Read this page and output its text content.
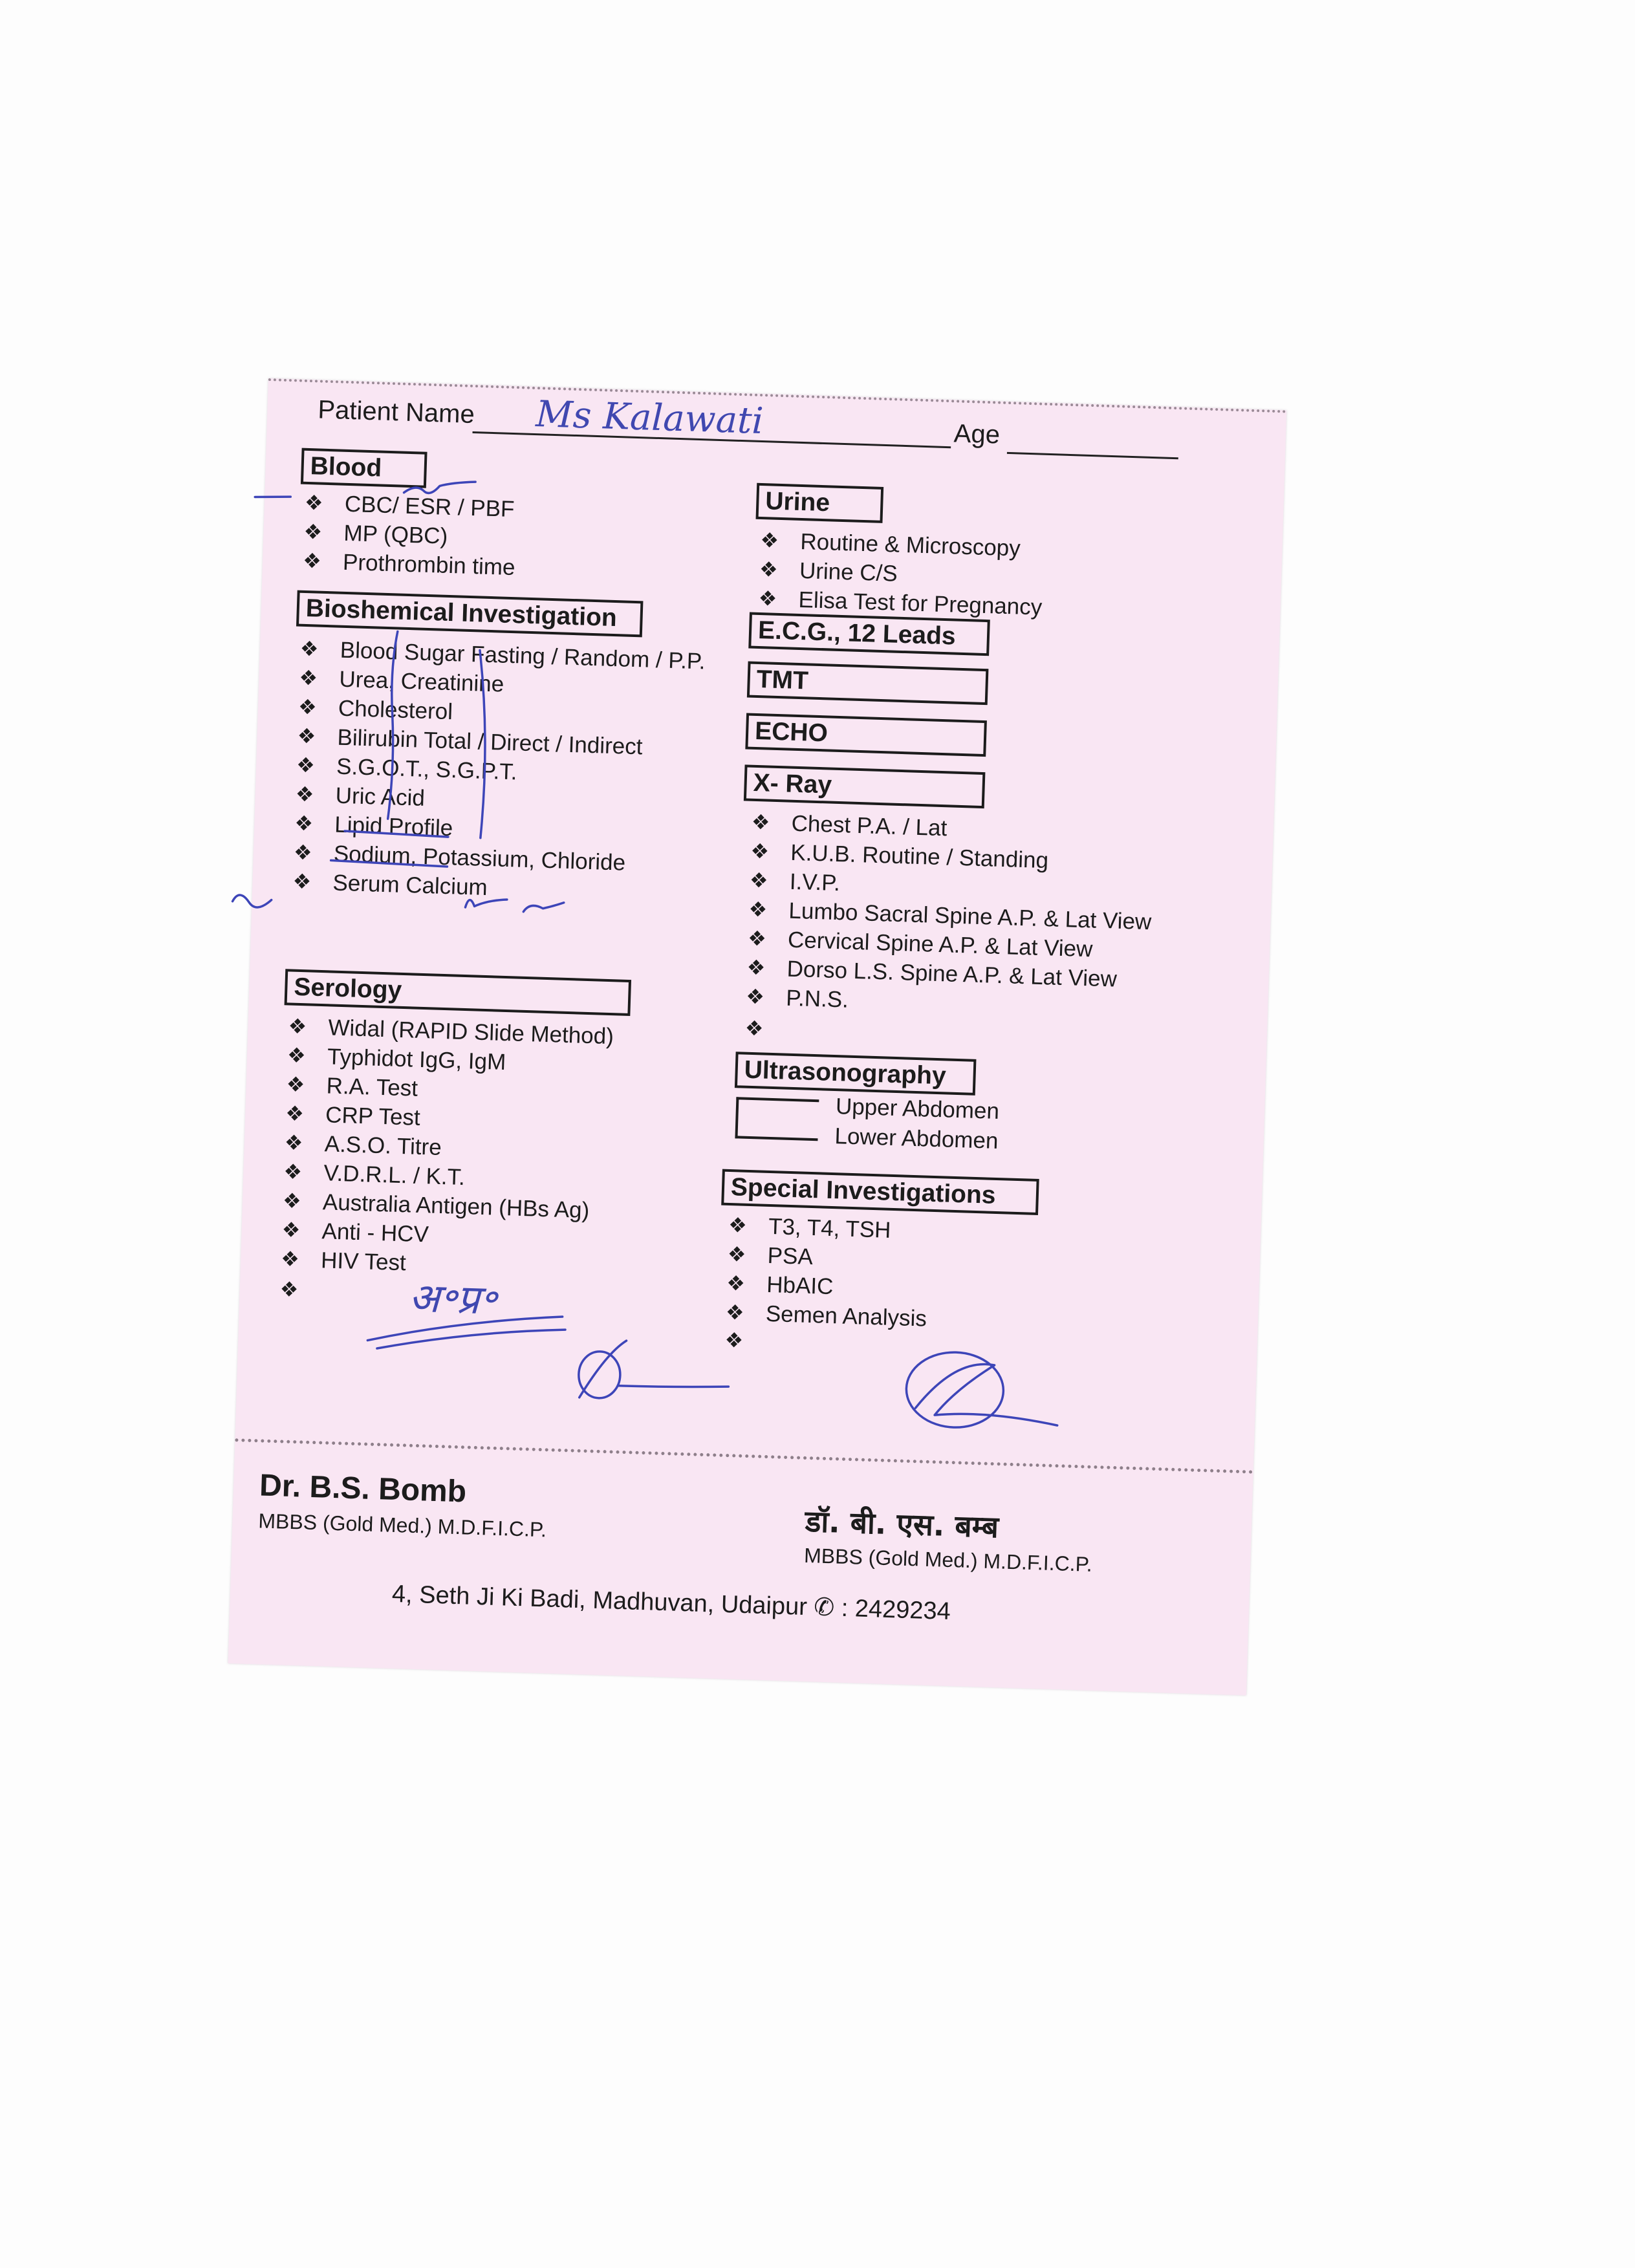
Patient Name Ms Kalawati	Age
Blood
❖ CBC/ ESR / PBF
❖ MP (QBC)
❖ Prothrombin time
Bioshemical Investigation
❖ Blood Sugar Fasting / Random / P.P.
❖ Urea, Creatinine
❖ Cholesterol
❖ Bilirubin Total / Direct / Indirect
❖ S.G.O.T., S.G.P.T.
❖ Uric Acid
❖ Lipid Profile
❖ Sodium, Potassium, Chloride
❖ Serum Calcium
Serology
❖ Widal (RAPID Slide Method)
❖ Typhidot IgG, IgM
❖ R.A. Test
❖ CRP Test
❖ A.S.O. Titre
❖ V.D.R.L. / K.T.
❖ Australia Antigen (HBs Ag)
❖ Anti - HCV
❖ HIV Test
❖
Urine
❖ Routine & Microscopy
❖ Urine C/S
❖ Elisa Test for Pregnancy
E.C.G., 12 Leads
TMT
ECHO
X- Ray
❖ Chest P.A. / Lat
❖ K.U.B. Routine / Standing
❖ I.V.P.
❖ Lumbo Sacral Spine A.P. & Lat View
❖ Cervical Spine A.P. & Lat View
❖ Dorso L.S. Spine A.P. & Lat View
❖ P.N.S.
❖
Ultrasonography
Upper Abdomen
Lower Abdomen
Special Investigations
❖ T3, T4, TSH
❖ PSA
❖ HbAIC
❖ Semen Analysis
❖
अ॰प्र॰
Dr. B.S. Bomb
MBBS (Gold Med.) M.D.F.I.C.P.	डॉ. बी. एस. बम्ब
MBBS (Gold Med.) M.D.F.I.C.P.
4, Seth Ji Ki Badi, Madhuvan, Udaipur ✆ : 2429234
